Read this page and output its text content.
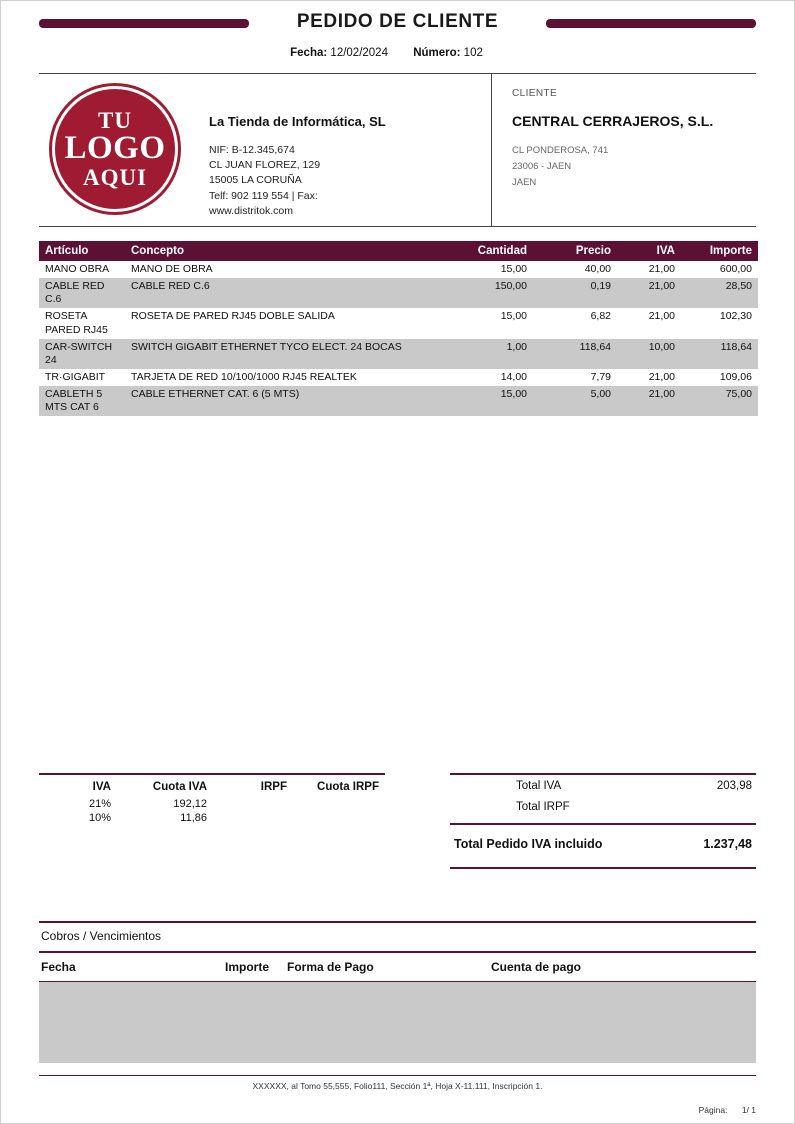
PEDIDO DE CLIENTE
Fecha: 12/02/2024 Número: 102
TU
LOGO
AQUI
La Tienda de Informática, SL
NIF: B-12.345,674
CL JUAN FLOREZ, 129
15005 LA CORUÑA
Telf: 902 119 554 | Fax:
www.distritok.com
CLIENTE
CENTRAL CERRAJEROS, S.L.
CL PONDEROSA, 741
23006 - JAEN
JAEN
Artículo	Concepto	Cantidad	Precio	IVA	Importe
MANO OBRA	MANO DE OBRA	15,00	40,00	21,00	600,00
CABLE RED C.6	CABLE RED C.6	150,00	0,19	21,00	28,50
ROSETA PARED RJ45	ROSETA DE PARED RJ45 DOBLE SALIDA	15,00	6,82	21,00	102,30
CAR-SWITCH 24	SWITCH GIGABIT ETHERNET TYCO ELECT. 24 BOCAS	1,00	118,64	10,00	118,64
TR·GIGABIT	TARJETA DE RED 10/100/1000 RJ45 REALTEK	14,00	7,79	21,00	109,06
CABLETH 5 MTS CAT 6	CABLE ETHERNET CAT. 6 (5 MTS)	15,00	5,00	21,00	75,00
IVA	Cuota IVA	IRPF	Cuota IRPF
21%	192,12		
10%	11,86		
Total IVA	203,98
Total IRPF
Total Pedido IVA incluido	1.237,48
Cobros / Vencimientos
Fecha	Importe	Forma de Pago	Cuenta de pago
XXXXXX, al Tomo 55,555, Folio111, Sección 1ª, Hoja X-11.111, Inscripción 1.
Página: 1/ 1
